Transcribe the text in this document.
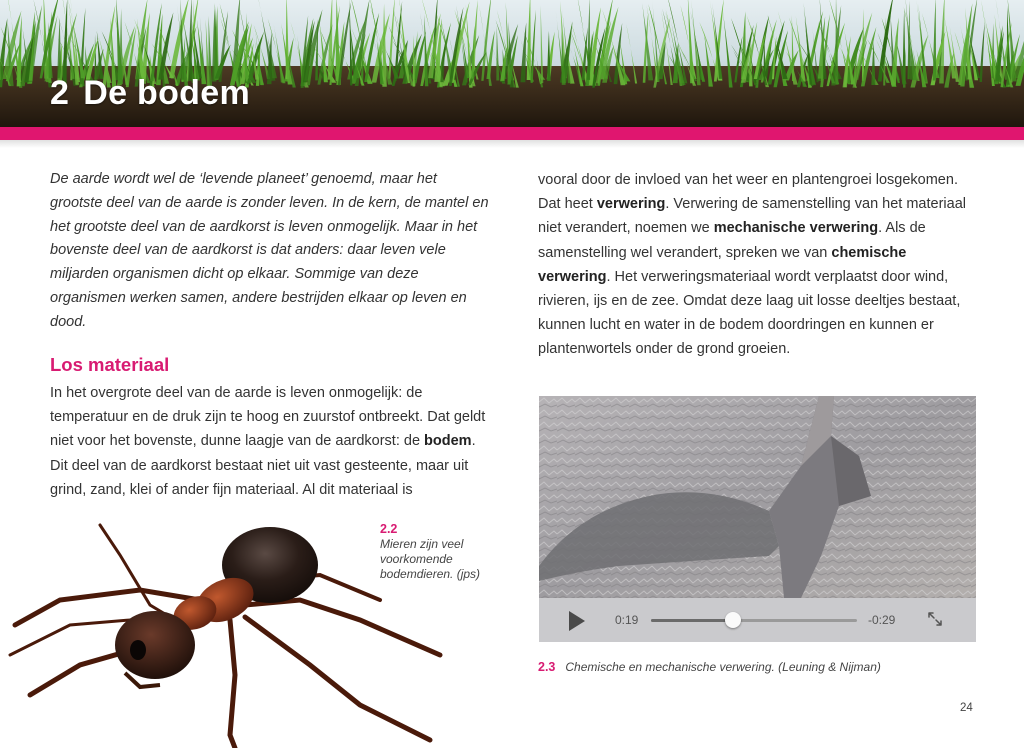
2 De bodem

De aarde wordt wel de ‘levende planeet’ genoemd, maar het grootste deel van de aarde is zonder leven. In de kern, de mantel en het grootste deel van de aardkorst is leven onmogelijk. Maar in het bovenste deel van de aardkorst is dat anders: daar leven vele miljarden organismen dicht op elkaar. Sommige van deze organismen werken samen, andere bestrijden elkaar op leven en dood.

Los materiaal

In het overgrote deel van de aarde is leven onmogelijk: de temperatuur en de druk zijn te hoog en zuurstof ontbreekt. Dat geldt niet voor het bovenste, dunne laagje van de aardkorst: de bodem. Dit deel van de aardkorst bestaat niet uit vast gesteente, maar uit grind, zand, klei of ander fijn materiaal. Al dit materiaal is

vooral door de invloed van het weer en plantengroei losgekomen. Dat heet verwering. Verwering de samenstelling van het materiaal niet verandert, noemen we mechanische verwering. Als de samenstelling wel verandert, spreken we van chemische verwering. Het verweringsmateriaal wordt verplaatst door wind, rivieren, ijs en de zee. Omdat deze laag uit losse deeltjes bestaat, kunnen lucht en water in de bodem doordringen en kunnen er plantenwortels onder de grond groeien.
2.2
Mieren zijn veel voorkomende bodemdieren. (jps)
0:19	-0:29
2.3 Chemische en mechanische verwering. (Leuning & Nijman)
24
